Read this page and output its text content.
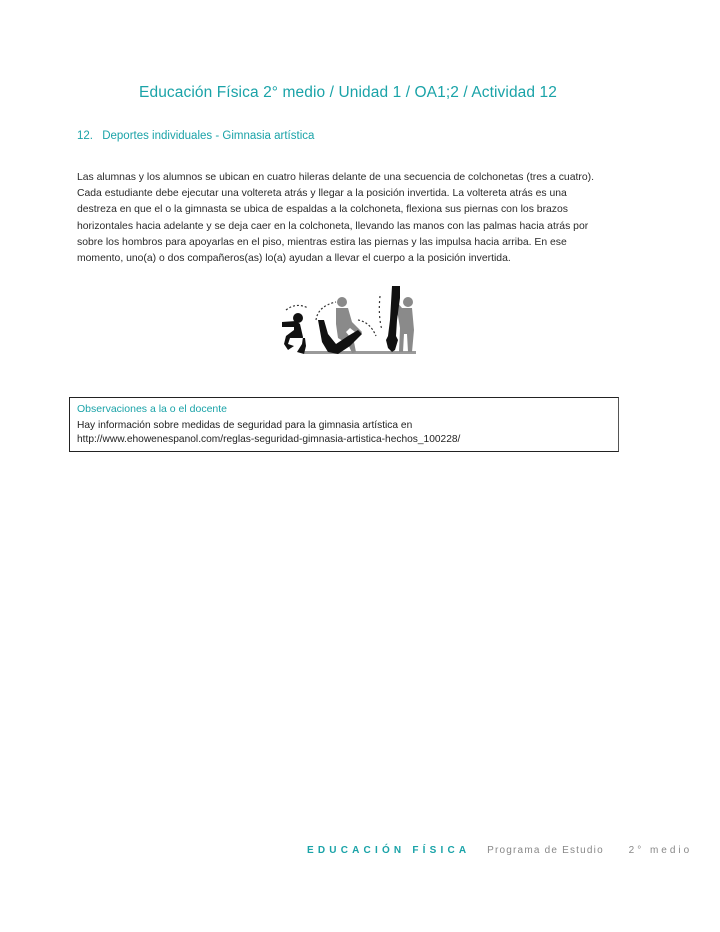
Educación Física 2° medio / Unidad 1 / OA1;2 / Actividad 12
12. Deportes individuales - Gimnasia artística

Las alumnas y los alumnos se ubican en cuatro hileras delante de una secuencia de colchonetas (tres a cuatro). Cada estudiante debe ejecutar una voltereta atrás y llegar a la posición invertida. La voltereta atrás es una destreza en que el o la gimnasta se ubica de espaldas a la colchoneta, flexiona sus piernas con los brazos horizontales hacia adelante y se deja caer en la colchoneta, llevando las manos con las palmas hacia atrás por sobre los hombros para apoyarlas en el piso, mientras estira las piernas y las impulsa hacia arriba. En ese momento, uno(a) o dos compañeros(as) lo(a) ayudan a llevar el cuerpo a la posición invertida.

Observaciones a la o el docente
Hay información sobre medidas de seguridad para la gimnasia artística en
http://www.ehowenespanol.com/reglas-seguridad-gimnasia-artistica-hechos_100228/
EDUCACIÓN FÍSICA Programa de Estudio 2° medio
